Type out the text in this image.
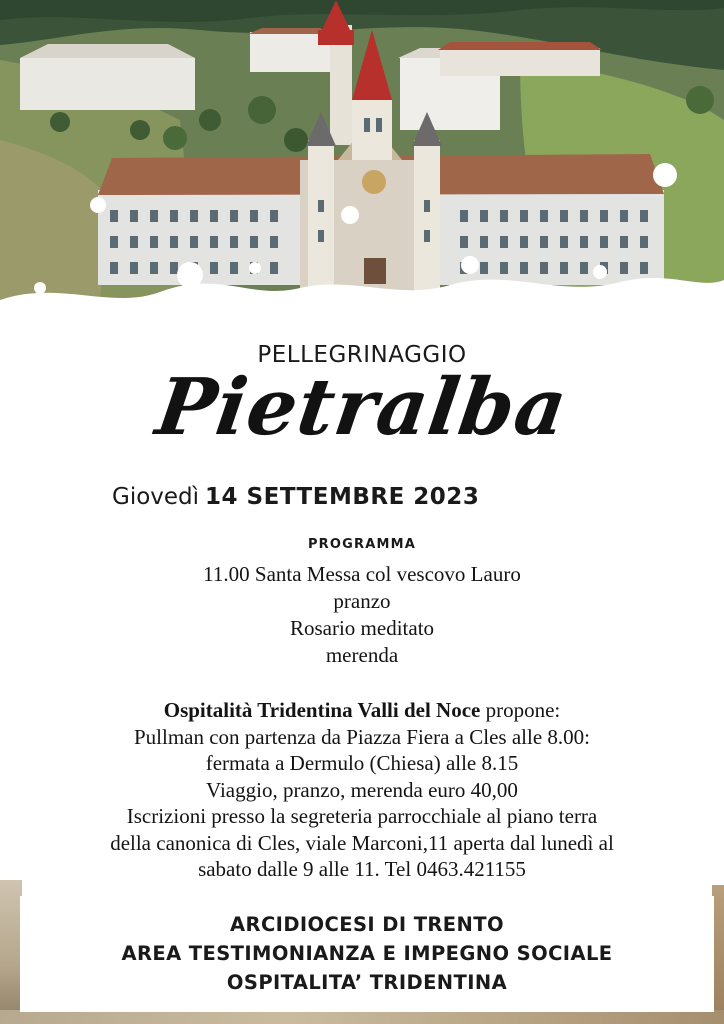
PELLEGRINAGGIO
Pietralba
Giovedì 14 SETTEMBRE 2023
PROGRAMMA
11.00 Santa Messa col vescovo Lauro
pranzo
Rosario meditato
merenda
Ospitalità Tridentina Valli del Noce propone:
Pullman con partenza da Piazza Fiera a Cles alle 8.00:
fermata a Dermulo (Chiesa) alle 8.15
Viaggio, pranzo, merenda euro 40,00
Iscrizioni presso la segreteria parrocchiale al piano terra
della canonica di Cles, viale Marconi,11 aperta dal lunedì al
sabato dalle 9 alle 11. Tel 0463.421155
ARCIDIOCESI DI TRENTO
AREA TESTIMONIANZA E IMPEGNO SOCIALE
OSPITALITA’ TRIDENTINA
